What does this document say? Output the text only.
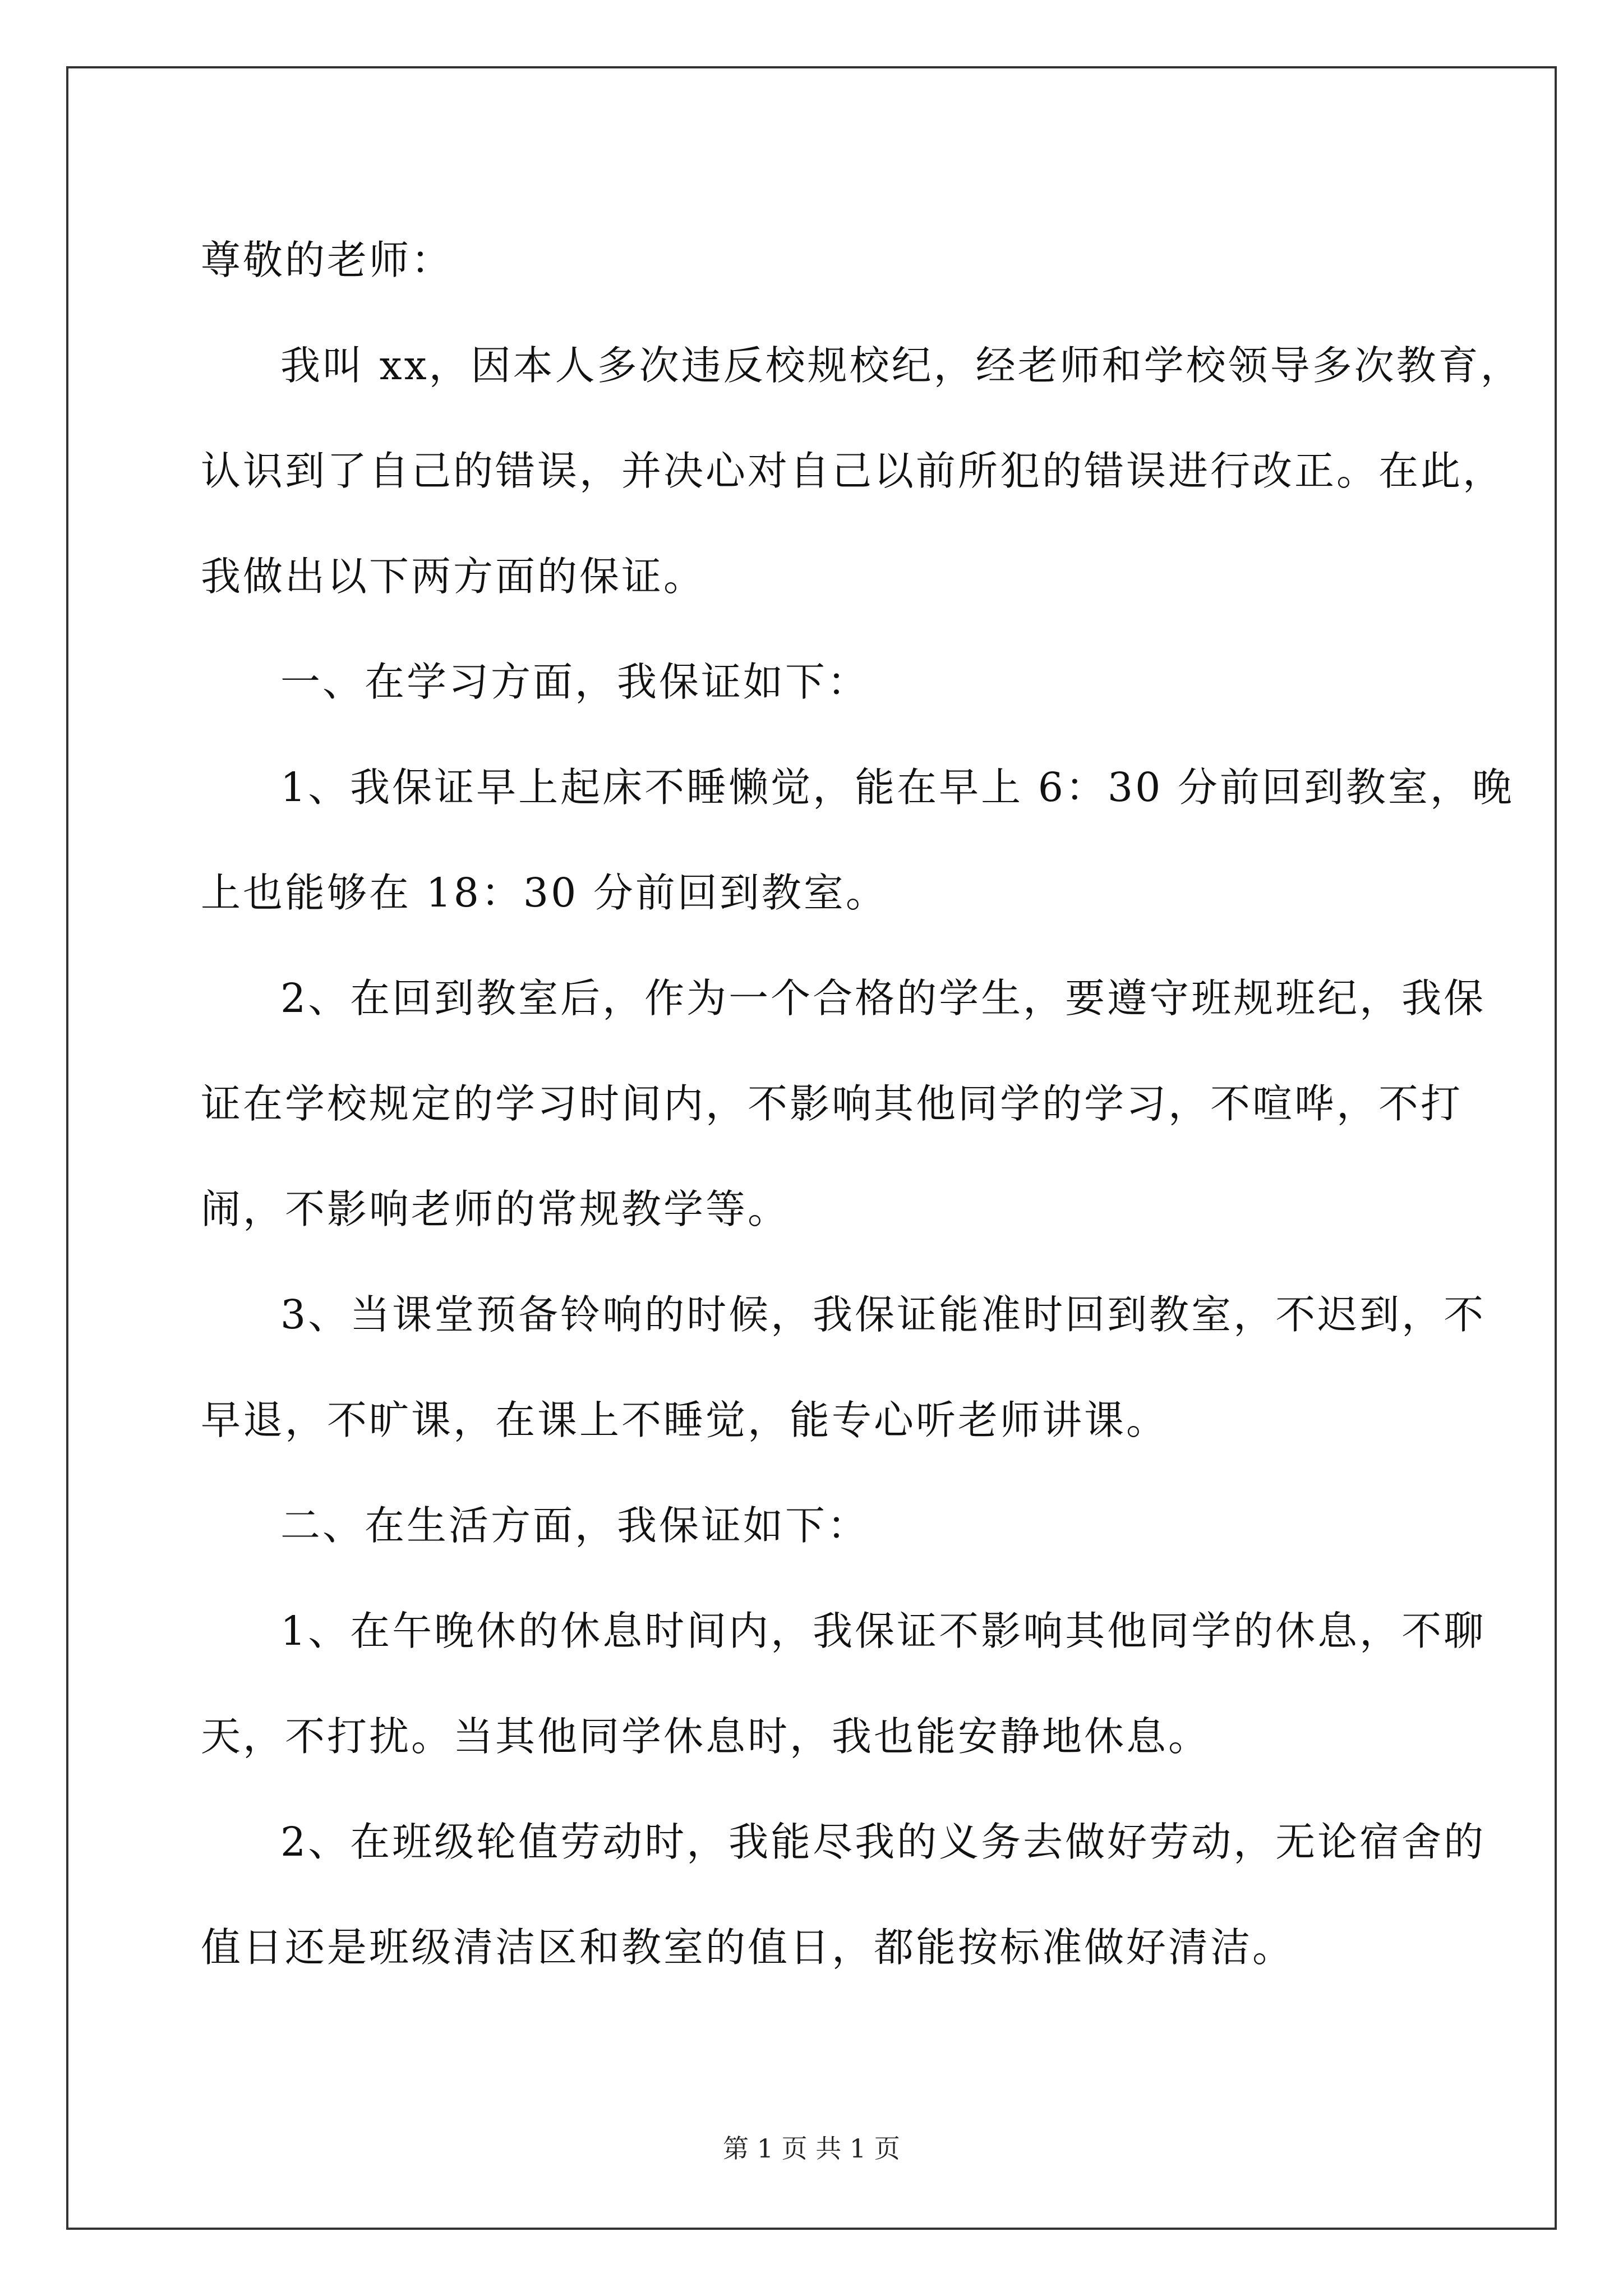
尊敬的老师：
我叫 xx，因本人多次违反校规校纪，经老师和学校领导多次教育，
认识到了自己的错误，并决心对自己以前所犯的错误进行改正。在此，
我做出以下两方面的保证。
一、在学习方面，我保证如下：
1、我保证早上起床不睡懒觉，能在早上 6：30 分前回到教室，晚
上也能够在 18：30 分前回到教室。
2、在回到教室后，作为一个合格的学生，要遵守班规班纪，我保
证在学校规定的学习时间内，不影响其他同学的学习，不喧哗，不打
闹，不影响老师的常规教学等。
3、当课堂预备铃响的时候，我保证能准时回到教室，不迟到，不
早退，不旷课，在课上不睡觉，能专心听老师讲课。
二、在生活方面，我保证如下：
1、在午晚休的休息时间内，我保证不影响其他同学的休息，不聊
天，不打扰。当其他同学休息时，我也能安静地休息。
2、在班级轮值劳动时，我能尽我的义务去做好劳动，无论宿舍的
值日还是班级清洁区和教室的值日，都能按标准做好清洁。
第 1 页 共 1 页
